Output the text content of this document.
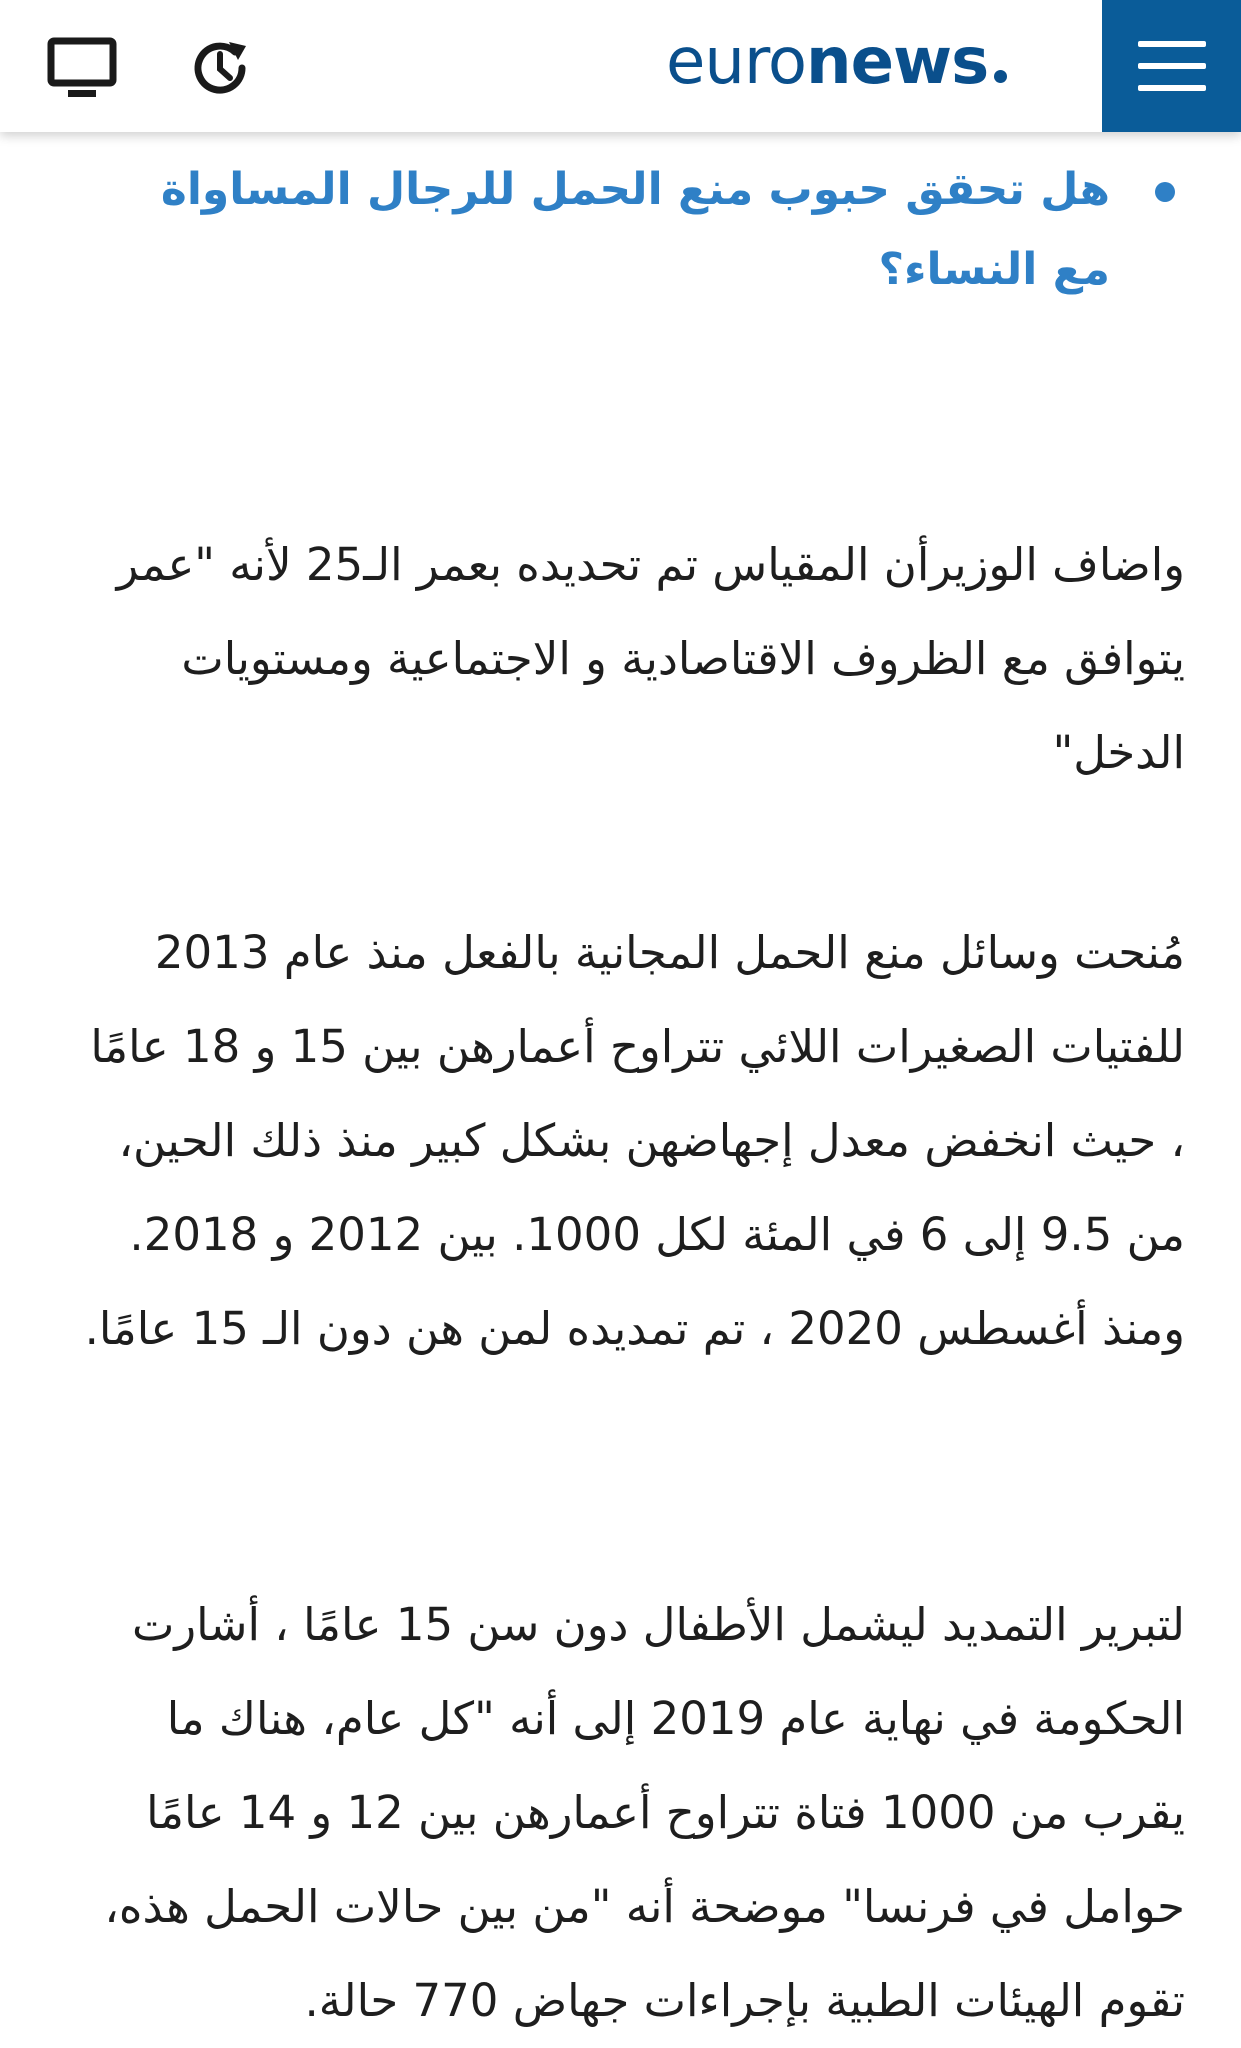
euro news
هل تحقق حبوب منع الحمل للرجال المساواة مع النساء؟

واضاف الوزيرأن المقياس تم تحديده بعمر الـ25 لأنه "عمر يتوافق مع الظروف الاقتاصادية و الاجتماعية ومستويات الدخل"

مُنحت وسائل منع الحمل المجانية بالفعل منذ عام 2013 للفتيات الصغيرات اللائي تتراوح أعمارهن بين 15 و 18 عامًا ، حيث انخفض معدل إجهاضهن بشكل كبير منذ ذلك الحين، من 9.5 إلى 6 في المئة لكل 1000. بين 2012 و 2018. ومنذ أغسطس 2020 ، تم تمديده لمن هن دون الـ 15 عامًا.

لتبرير التمديد ليشمل الأطفال دون سن 15 عامًا ، أشارت الحكومة في نهاية عام 2019 إلى أنه "كل عام، هناك ما يقرب من 1000 فتاة تتراوح أعمارهن بين 12 و 14 عامًا حوامل في فرنسا" موضحة أنه "من بين حالات الحمل هذه، تقوم الهيئات الطبية بإجراءات جهاض 770 حالة.
